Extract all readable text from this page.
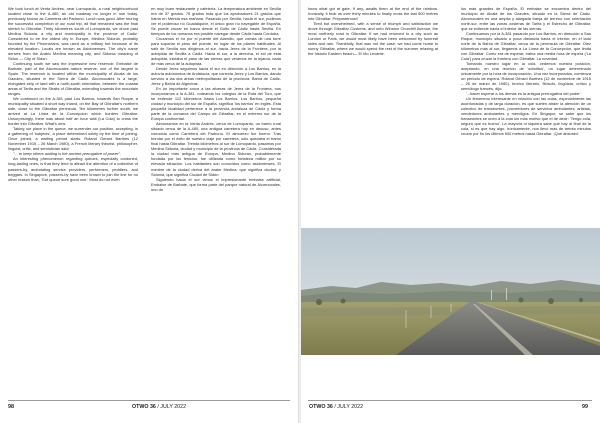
We took lunch at Venta Andres, near Lomopardo, a rural neighbourhood located close to the A-480, an old roadway no longer in use today, previously known as Carretera del Padrono. Lunch was good. After touring the successful completion of our road trip, all that remained was the final stretch to Gibraltar. Thirty kilometres south of Lomopardo, we drove past Medina Sidonia, a city and municipality in the province of Cadiz. Considered to be the oldest city in Europe, Medina Sidonia, probably founded by the Phoenicians, was used as a military fort because of its elevated location. Locals are known as Asidonenses. The city's name derives from the Arabic Medina meaning city, and Sidonia meaning of Sidon — City of Sidon.

Continuing south we saw the impressive new reservoir, Embalse de Barbate, part of the Alcornocales nature reserve, one of the largest in Spain. The reservoir is located within the municipality of Alcala de los Gazules, situated in the Sierra de Cadiz. Alcornocales is a large, elongated strip of land with a north-south orientation, between the coastal areas of Tarifa and the Straits of Gibraltar, extending towards the mountain ranges.

We continued on the A-381 past Los Barrios, towards San Roque, a municipality situated a short way inland, on the Bay of Gibraltar's northern side, close to the Gibraltar peninsula. Ten kilometres further south, we arrived at La Linea de la Concepcion which borders Gibraltar. Unsurprisingly, there was about half an hour wait (La Cola) to cross the border into Gibraltar. What's new.

Taking our place in the queue, we surrender our position, accepting, in a gathering of 'subjects', a place determined solely by the time of joining. Once joined, a waiting period starts. Roland Gerard Barthes (12 November 1915 – 26 March 1980), a French literary theorist, philosopher, linguist, critic, and semiotician said;

"... to keep others waiting is the ancient prerogative of power".

An interesting phenomenon regarding queues, especially cordoned, long-lasting ones, is that they tend to attract the attention of a collective of passers-by, ambulating service providers, performers, peddlers, and beggars. In Singapore, passers-by have been known to join the line for no other reason than, 'Got queue sure good one.' Most do not even

en muy buen restaurante y cafetería. La temperatura ambiente en Sevilla era de 37 grados. 75 grados más que los aprobadores 21 grados que había en Mérida esa mañana. Pasando por Sevilla, hacia el sur, pudimos ver el poderoso río Guadalquivir, el único gran río navegable de España. Se puede cruzar en barco desde el Golfo de Cádiz hasta Sevilla. En tiempos de los romanos era posible navegar desde Cádiz hasta Córdoba.

Cruzamos el río por el puente del Alamillo, que consta de una torre para soportar el peso del puente, en lugar de los pilares habituales. Al salir de Sevilla nos dirigimos al sur, hacia Jerez de la Frontera, por la autopista de Sevilla a Cádiz. Hacia el sur, a la derecha, el sol de esta autopista, iniciaba el paso de las sierras que veíamos en la lejanía, nada de más cerca de la autopista.

Desde Jerez seguimos hacia el sur en dirección a Los Barrios, en la autovía autonómica de Andalucía, que conecta Jerez y Los Barrios, dando servicio a las dos áreas metropolitanas de la provincia: Bahía de Cádiz-Jerez y Bahía de Algeciras.

En un importante cruce a las afueras de Jerez de la Frontera, nos incorporamos a la A-381, rodeando los colegios de la Ruta del Toro, que se extiende 112 kilómetros hasta Los Barrios. Los Barrios, pequeña ciudad y municipio del sur de España, significa 'los barrios' en inglés. Esta pequeña localidad pertenece a la provincia andaluza de Cádiz y forma parte de la comarca del Campo de Gibraltar, en el extremo sur de la Europa continental.

Almorzamos en la Venta Andrés, cerca de Lomopardo, un barrio rural situado cerca de la A-480, una antigua carretera hoy en desuso, antes conocida como Carretera del Padrono. El almuerzo fue bueno. Tras brindar por el éxito de nuestro viaje por carretera, sólo quedaba el tramo final hasta Gibraltar. Treinta kilómetros al sur de Lomopardo, pasamos por Medina Sidonia, ciudad y municipio de la provincia de Cádiz. Considerada la ciudad más antigua de Europa, Medina Sidonia, probablemente fundada por los fenicios, fue utilizada como fortaleza militar por su elevada situación. Los habitantes son conocidos como asidonenses. El nombre de la ciudad deriva del árabe Medina, que significa ciudad, y Sidonia, que significa Ciudad de Sidón.

Siguiendo hacia el sur vimos el impresionante embalse artificial, Embalse de Barbate, que forma parte del parque natural de Alcornocales, uno de

98	OTWO 36 / JULY 2022

know what got at gate. If any, awaits them at the end of the rainbow. Ironically, it took us over thirty minutes to finally cross the last 500 metres into Gibraltar. Preposterous!!

Tired but overwhelmed, with a sense of triumph and satisfaction we drove through Gibraltar Customs, and onto Winston Churchill Avenue, the most northerly road in Gibraltar. If we had returned to a city such as London or Paris, we would most likely have been welcomed by funereal skies and rain. Thankfully, that was not the case, we had come home to sunny Gibraltar, where we would spend the rest of the summer relaxing at the historic Eastern beach— El Mo Levante.

los más grandes de España. El embalse se encuentra dentro del municipio de Alcalá de los Gazules, situado en la Sierra de Cádiz. Alcornocales es una amplia y alargada franja de terreno con orientación norte-sur, entre las zonas costeras de Tarifa y el Estrecho de Gibraltar, que se extiende hacia el interior de las sierras.

Continuamos por la A-381 pasando por Los Barrios, en dirección a San Roque, municipio situado a poca distancia hacia el interior, en el lado norte de la Bahía de Gibraltar, cerca de la península de Gibraltar. Diez kilómetros más al sur, llegamos a La Línea de la Concepción, que limita con Gibraltar. Como era de esperar, había una media hora de espera ('La Cola') para cruzar la frontera con Gibraltar. La novedad.

Tomando nuestro lugar en la cola, cedemos nuestra posición, aceptando, en una reunión de 'súbditos', un lugar determinado únicamente por la hora de incorporación. Una vez incorporados, comienza un periodo de espera. Roland Gérard Barthes (12 de noviembre de 1915 – 26 de marzo de 1980), teórico literario, filósofo, lingüista, crítico y semiólogo francés, dijo:

'...hacer esperar a los demás es la antigua prerrogativa del poder'.

Un fenómeno interesante en relación con las colas, especialmente las acordonadas y de larga duración, es que suelen atraer la atención de un colectivo de transeúntes, proveedores de servicios ambulantes, artistas, vendedores ambulantes y mendigos. En Singapur, se sabe que los transeúntes se unen a la cola sin más motivo que el de decir: 'Tengo cola, seguro que es bueno'. La mayoría ni siquiera sabe qué hay al final de la cola, si es que hay algo. Irónicamente, nos llevó más de treinta minutos cruzar por fin los últimos 500 metros hasta Gibraltar. ¡Qué absurdo!

OTWO 36 / JULY 2022	99
